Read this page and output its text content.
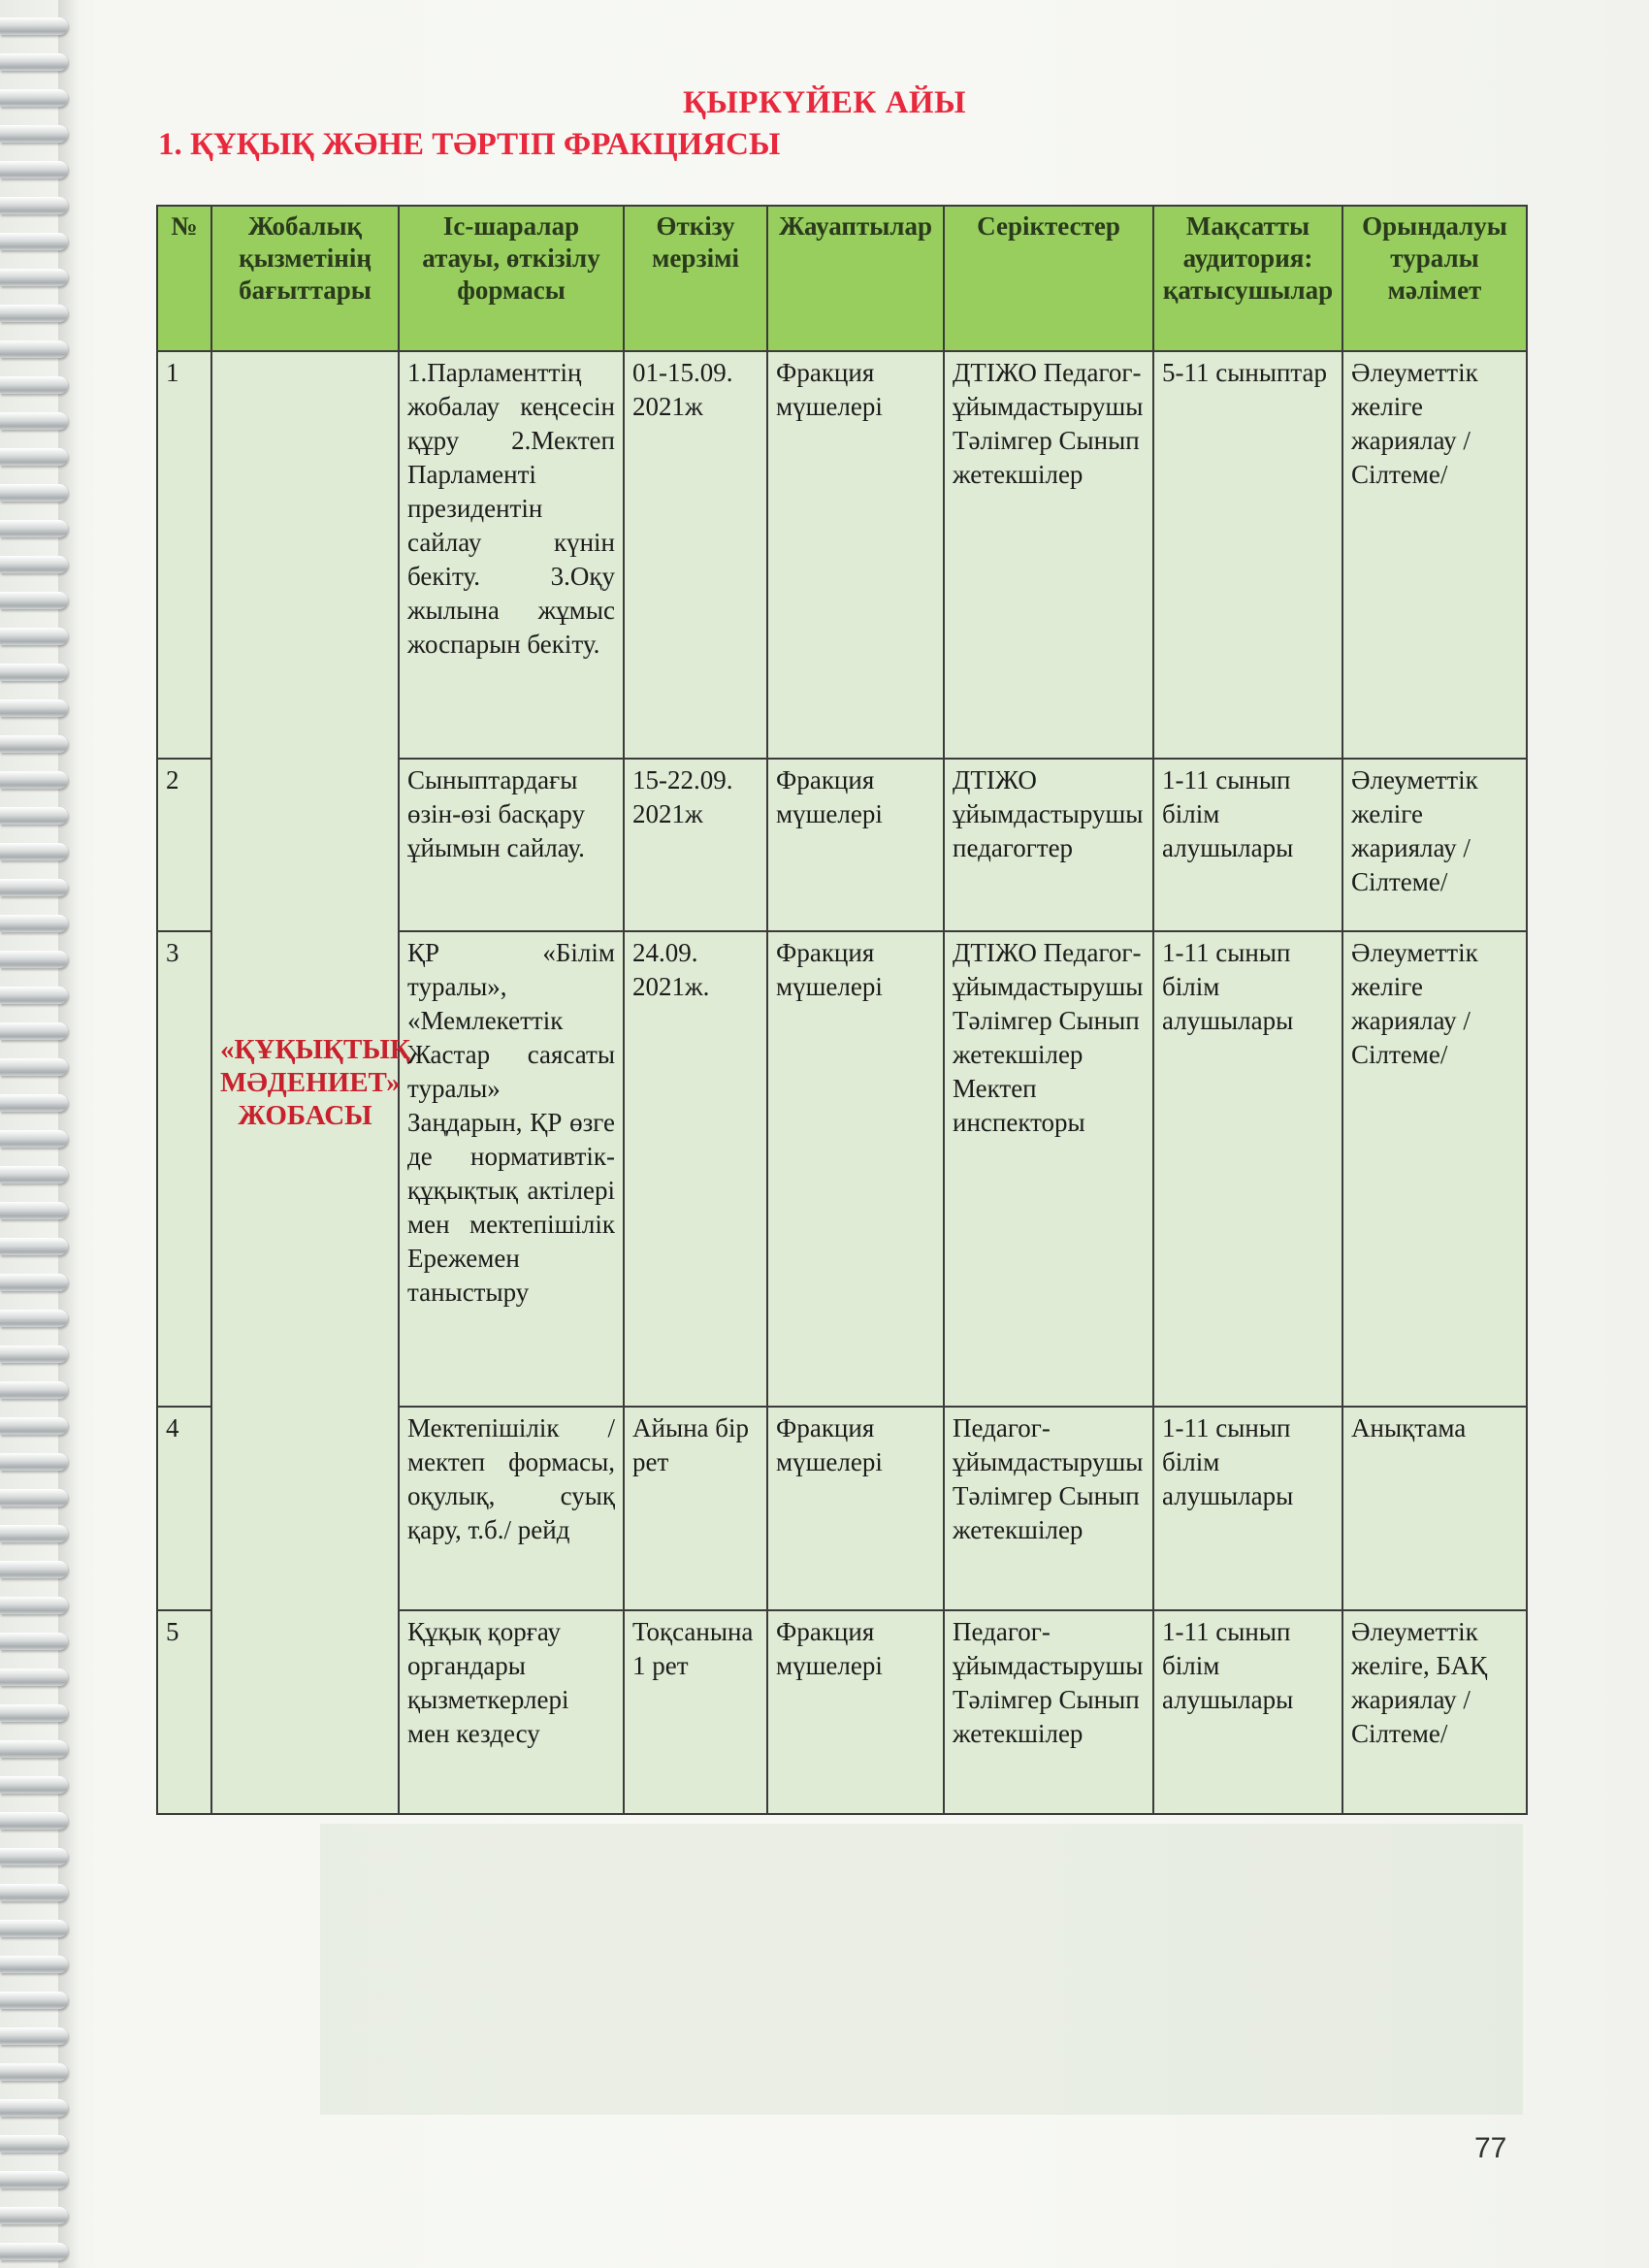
ҚЫРКҮЙЕК АЙЫ
1. ҚҰҚЫҚ ЖӘНЕ ТӘРТІП ФРАКЦИЯСЫ
№	Жобалық қызметінің бағыттары	Іс-шаралар атауы, өткізілу формасы	Өткізу мерзімі	Жауаптылар	Серіктестер	Мақсатты аудитория: қатысушылар	Орындалуы туралы мәлімет
1	«ҚҰҚЫҚТЫҚ МӘДЕНИЕТ» ЖОБАСЫ	1.Парламенттің жобалау кеңсесін құру 2.Мектеп Парламенті президентін сайлау күнін бекіту. 3.Оқу жылына жұмыс жоспарын бекіту.	01-15.09. 2021ж	Фракция мүшелері	ДТІЖО Педагог-ұйымдастырушы Тәлімгер Сынып жетекшілер	5-11 сыныптар	Әлеуметтік желіге жариялау /Сілтеме/
2		Сыныптардағы өзін-өзі басқару ұйымын сайлау.	15-22.09. 2021ж	Фракция мүшелері	ДТІЖО ұйымдастырушы педагогтер	1-11 сынып білім алушылары	Әлеуметтік желіге жариялау /Сілтеме/
3		ҚР «Білім туралы», «Мемлекеттік Жастар саясаты туралы» Заңдарын, ҚР өзге де нормативтік-құқықтық актілері мен мектепішілік Ережемен таныстыру	24.09. 2021ж.	Фракция мүшелері	ДТІЖО Педагог-ұйымдастырушы Тәлімгер Сынып жетекшілер Мектеп инспекторы	1-11 сынып білім алушылары	Әлеуметтік желіге жариялау /Сілтеме/
4		Мектепішілік /мектеп формасы, оқулық, суық қару, т.б./ рейд	Айына бір рет	Фракция мүшелері	Педагог-ұйымдастырушы Тәлімгер Сынып жетекшілер	1-11 сынып білім алушылары	Анықтама
5		Құқық қорғау органдары қызметкерлері мен кездесу	Тоқсанына 1 рет	Фракция мүшелері	Педагог-ұйымдастырушы Тәлімгер Сынып жетекшілер	1-11 сынып білім алушылары	Әлеуметтік желіге, БАҚ жариялау /Сілтеме/
77
